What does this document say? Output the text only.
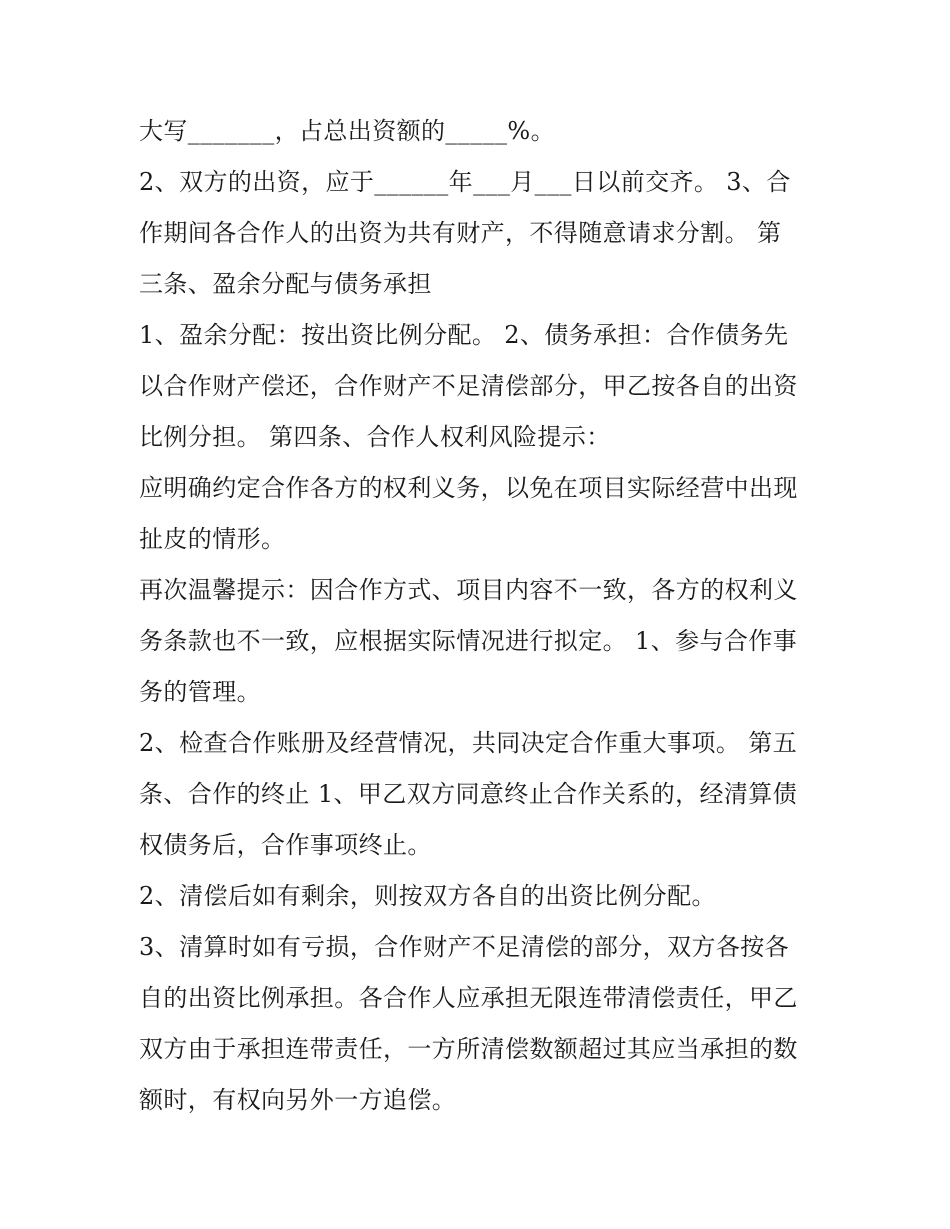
大写_______，占总出资额的_____%。

2、双方的出资，应于______年___月___日以前交齐。 3、合
作期间各合作人的出资为共有财产，不得随意请求分割。 第
三条、盈余分配与债务承担

1、盈余分配：按出资比例分配。 2、债务承担：合作债务先
以合作财产偿还，合作财产不足清偿部分，甲乙按各自的出资
比例分担。 第四条、合作人权利风险提示：

应明确约定合作各方的权利义务，以免在项目实际经营中出现
扯皮的情形。

再次温馨提示：因合作方式、项目内容不一致，各方的权利义
务条款也不一致，应根据实际情况进行拟定。 1、参与合作事
务的管理。

2、检查合作账册及经营情况，共同决定合作重大事项。 第五
条、合作的终止 1、甲乙双方同意终止合作关系的，经清算债
权债务后，合作事项终止。

2、清偿后如有剩余，则按双方各自的出资比例分配。

3、清算时如有亏损，合作财产不足清偿的部分，双方各按各
自的出资比例承担。各合作人应承担无限连带清偿责任，甲乙
双方由于承担连带责任，一方所清偿数额超过其应当承担的数
额时，有权向另外一方追偿。
